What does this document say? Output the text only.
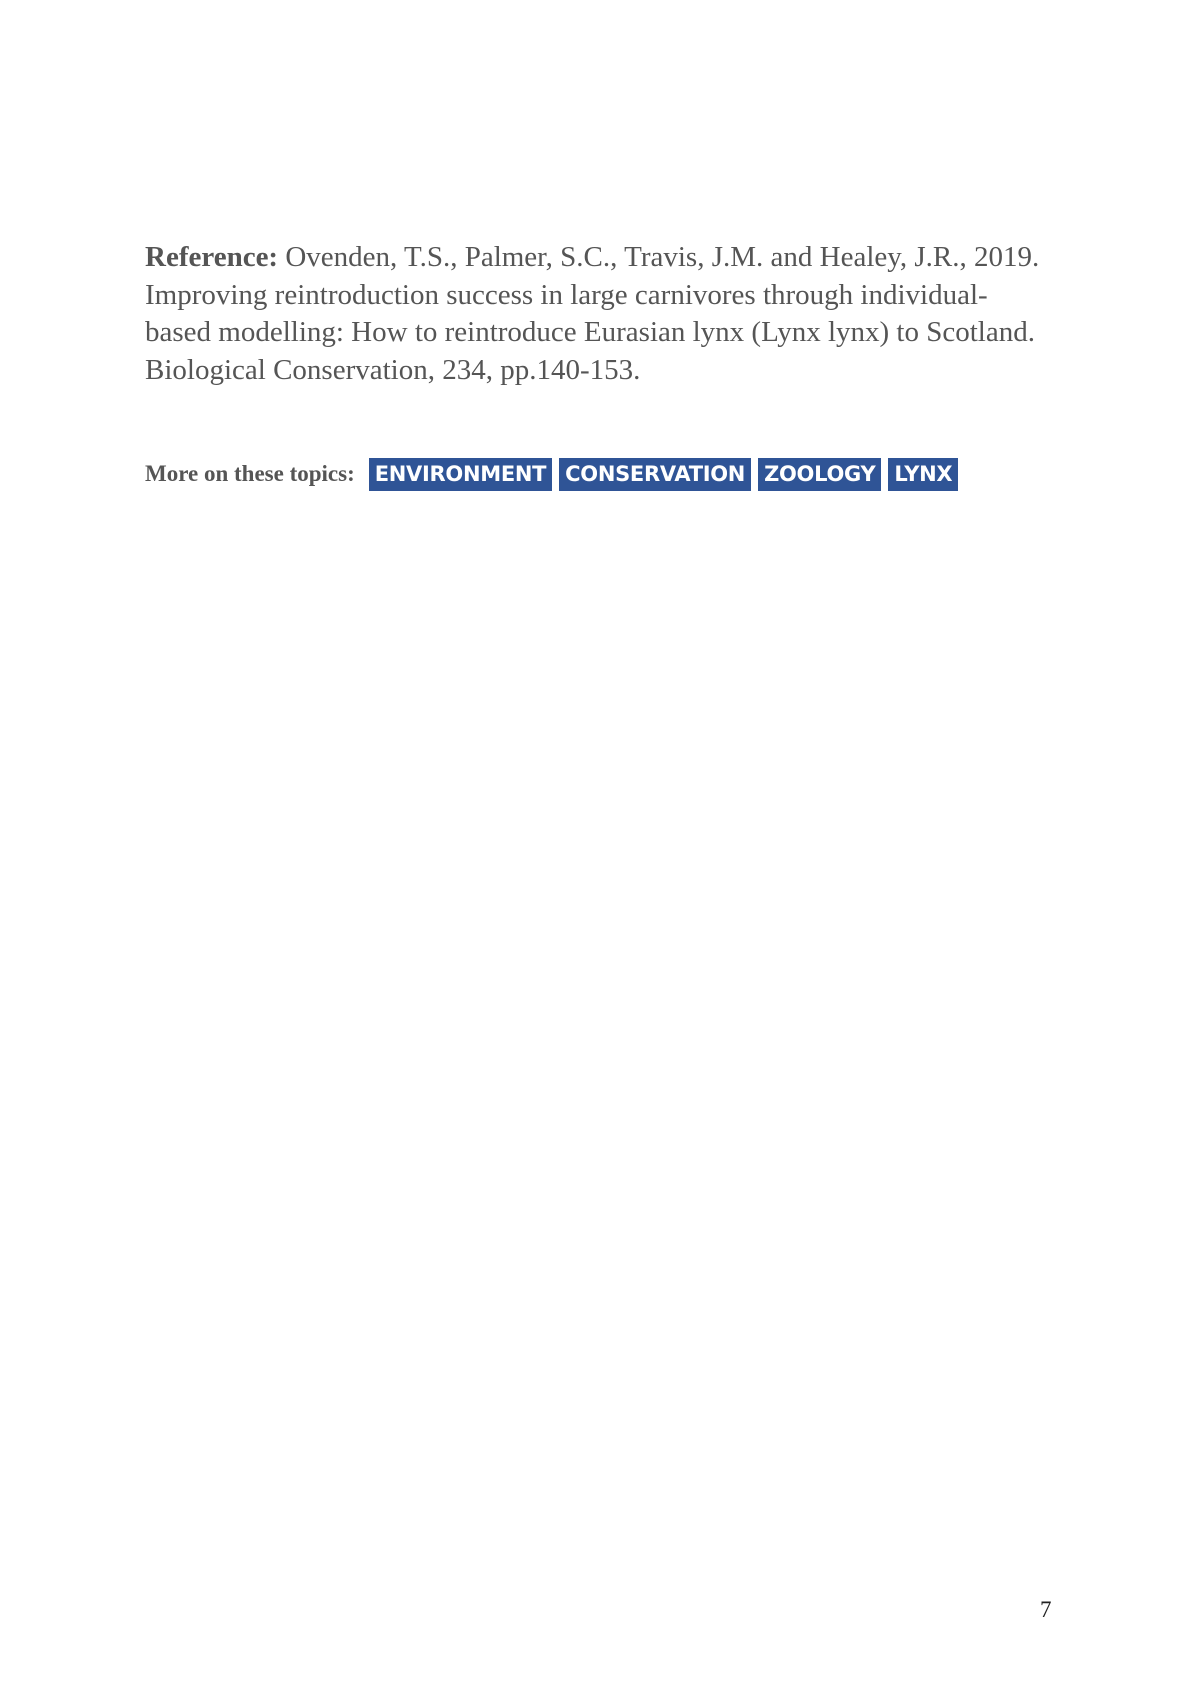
Reference: Ovenden, T.S., Palmer, S.C., Travis, J.M. and Healey, J.R., 2019. Improving reintroduction success in large carnivores through individual-based modelling: How to reintroduce Eurasian lynx (Lynx lynx) to Scotland. Biological Conservation, 234, pp.140-153.

More on these topics: ENVIRONMENT CONSERVATION ZOOLOGY LYNX
7
